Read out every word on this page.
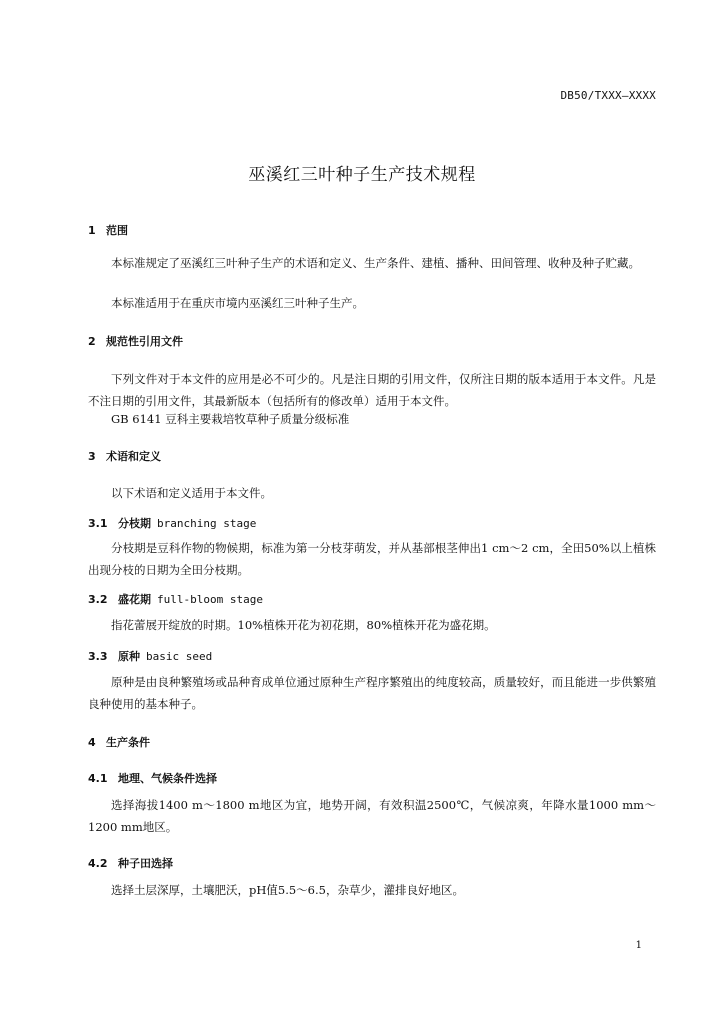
DB50/TXXX—XXXX
巫溪红三叶种子生产技术规程
1 范围
本标准规定了巫溪红三叶种子生产的术语和定义、生产条件、建植、播种、田间管理、收种及种子贮藏。
本标准适用于在重庆市境内巫溪红三叶种子生产。
2 规范性引用文件
下列文件对于本文件的应用是必不可少的。凡是注日期的引用文件，仅所注日期的版本适用于本文件。凡是不注日期的引用文件，其最新版本（包括所有的修改单）适用于本文件。
GB 6141 豆科主要栽培牧草种子质量分级标准
3 术语和定义
以下术语和定义适用于本文件。
3.1 分枝期 branching stage
分枝期是豆科作物的物候期，标准为第一分枝芽萌发，并从基部根茎伸出1 cm～2 cm，全田50%以上植株出现分枝的日期为全田分枝期。
3.2 盛花期 full-bloom stage
指花蕾展开绽放的时期。10%植株开花为初花期，80%植株开花为盛花期。
3.3 原种 basic seed
原种是由良种繁殖场或品种育成单位通过原种生产程序繁殖出的纯度较高，质量较好，而且能进一步供繁殖良种使用的基本种子。
4 生产条件
4.1 地理、气候条件选择
选择海拔1400 m～1800 m地区为宜，地势开阔，有效积温2500℃，气候凉爽，年降水量1000 mm～1200 mm地区。
4.2 种子田选择
选择土层深厚，土壤肥沃，pH值5.5～6.5，杂草少，灌排良好地区。
1
